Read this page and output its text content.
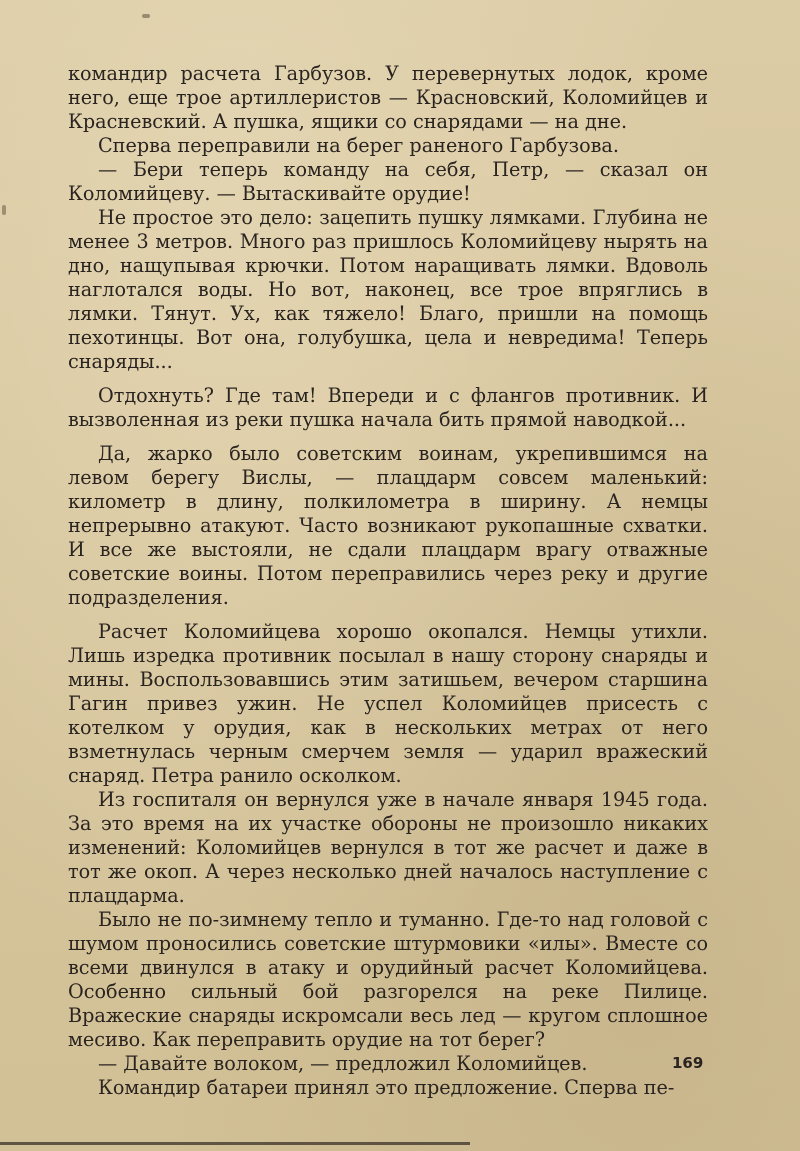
командир расчета Гарбузов. У перевернутых лодок, кроме него, еще трое артиллеристов — Красновский, Коломийцев и Красневский. А пушка, ящики со снарядами — на дне.

Сперва переправили на берег раненого Гарбузова.

— Бери теперь команду на себя, Петр, — сказал он Коломийцеву. — Вытаскивайте орудие!

Не простое это дело: зацепить пушку лямками. Глубина не менее 3 метров. Много раз пришлось Коломийцеву нырять на дно, нащупывая крючки. Потом наращивать лямки. Вдоволь наглотался воды. Но вот, наконец, все трое впряглись в лямки. Тянут. Ух, как тяжело! Благо, пришли на помощь пехотинцы. Вот она, голубушка, цела и невредима! Теперь снаряды...

Отдохнуть? Где там! Впереди и с флангов противник. И вызволенная из реки пушка начала бить прямой наводкой...

Да, жарко было советским воинам, укрепившимся на левом берегу Вислы, — плацдарм совсем маленький: километр в длину, полкилометра в ширину. А немцы непрерывно атакуют. Часто возникают рукопашные схватки. И все же выстояли, не сдали плацдарм врагу отважные советские воины. Потом переправились через реку и другие подразделения.

Расчет Коломийцева хорошо окопался. Немцы утихли. Лишь изредка противник посылал в нашу сторону снаряды и мины. Воспользовавшись этим затишьем, вечером старшина Гагин привез ужин. Не успел Коломийцев присесть с котелком у орудия, как в нескольких метрах от него взметнулась черным смерчем земля — ударил вражеский снаряд. Петра ранило осколком.

Из госпиталя он вернулся уже в начале января 1945 года. За это время на их участке обороны не произошло никаких изменений: Коломийцев вернулся в тот же расчет и даже в тот же окоп. А через несколько дней началось наступление с плацдарма.

Было не по-зимнему тепло и туманно. Где-то над головой с шумом проносились советские штурмовики «илы». Вместе со всеми двинулся в атаку и орудийный расчет Коломийцева. Особенно сильный бой разгорелся на реке Пилице. Вражеские снаряды искромсали весь лед — кругом сплошное месиво. Как переправить орудие на тот берег?

— Давайте волоком, — предложил Коломийцев.

Командир батареи принял это предложение. Сперва пе-

169
